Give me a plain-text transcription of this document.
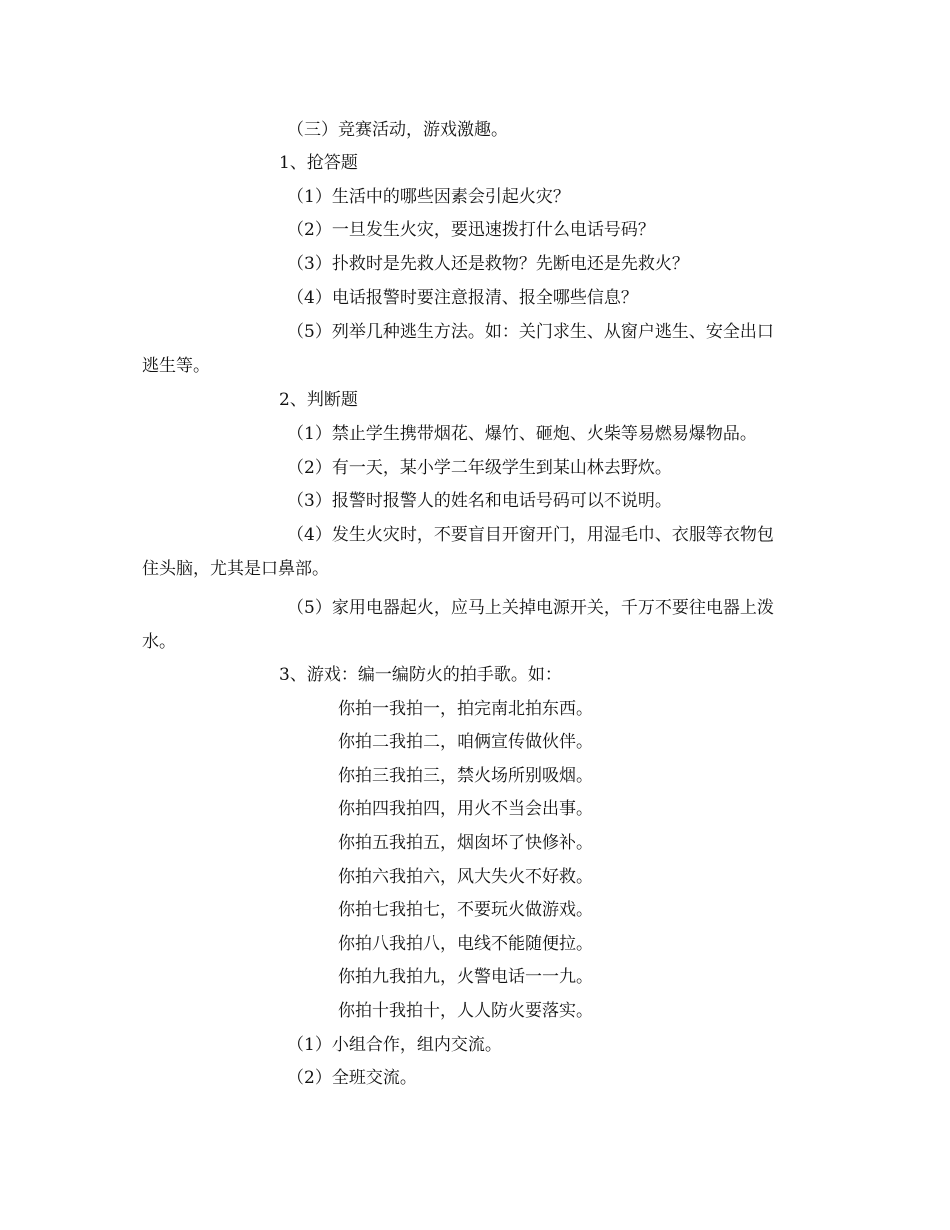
（三）竞赛活动，游戏激趣。
1、抢答题
（1）生活中的哪些因素会引起火灾？
（2）一旦发生火灾，要迅速拨打什么电话号码？
（3）扑救时是先救人还是救物？先断电还是先救火？
（4）电话报警时要注意报清、报全哪些信息？
（5）列举几种逃生方法。如：关门求生、从窗户逃生、安全出口
逃生等。
2、判断题
（1）禁止学生携带烟花、爆竹、砸炮、火柴等易燃易爆物品。
（2）有一天，某小学二年级学生到某山林去野炊。
（3）报警时报警人的姓名和电话号码可以不说明。
（4）发生火灾时，不要盲目开窗开门，用湿毛巾、衣服等衣物包
住头脑，尤其是口鼻部。
（5）家用电器起火，应马上关掉电源开关，千万不要往电器上泼
水。
3、游戏：编一编防火的拍手歌。如：
你拍一我拍一，拍完南北拍东西。
你拍二我拍二，咱俩宣传做伙伴。
你拍三我拍三，禁火场所别吸烟。
你拍四我拍四，用火不当会出事。
你拍五我拍五，烟囱坏了快修补。
你拍六我拍六，风大失火不好救。
你拍七我拍七，不要玩火做游戏。
你拍八我拍八，电线不能随便拉。
你拍九我拍九，火警电话一一九。
你拍十我拍十，人人防火要落实。
（1）小组合作，组内交流。
（2）全班交流。
